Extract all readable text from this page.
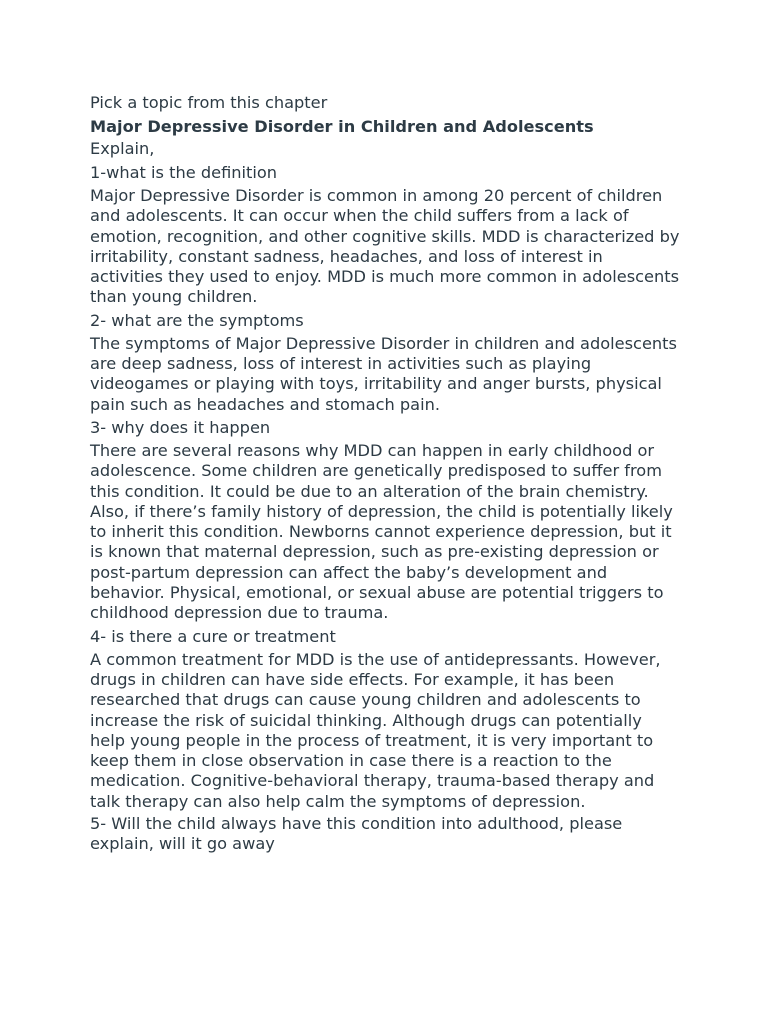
Pick a topic from this chapter

Major Depressive Disorder in Children and Adolescents

Explain,

1-what is the definition

Major Depressive Disorder is common in among 20 percent of children and adolescents. It can occur when the child suffers from a lack of emotion, recognition, and other cognitive skills. MDD is characterized by irritability, constant sadness, headaches, and loss of interest in activities they used to enjoy. MDD is much more common in adolescents than young children.

2- what are the symptoms

The symptoms of Major Depressive Disorder in children and adolescents are deep sadness, loss of interest in activities such as playing videogames or playing with toys, irritability and anger bursts, physical pain such as headaches and stomach pain.

3- why does it happen

There are several reasons why MDD can happen in early childhood or adolescence. Some children are genetically predisposed to suffer from this condition. It could be due to an alteration of the brain chemistry. Also, if there’s family history of depression, the child is potentially likely to inherit this condition. Newborns cannot experience depression, but it is known that maternal depression, such as pre-existing depression or post-partum depression can affect the baby’s development and behavior. Physical, emotional, or sexual abuse are potential triggers to childhood depression due to trauma.

4- is there a cure or treatment

A common treatment for MDD is the use of antidepressants. However, drugs in children can have side effects. For example, it has been researched that drugs can cause young children and adolescents to increase the risk of suicidal thinking. Although drugs can potentially help young people in the process of treatment, it is very important to keep them in close observation in case there is a reaction to the medication. Cognitive-behavioral therapy, trauma-based therapy and talk therapy can also help calm the symptoms of depression.

5- Will the child always have this condition into adulthood, please explain, will it go away
